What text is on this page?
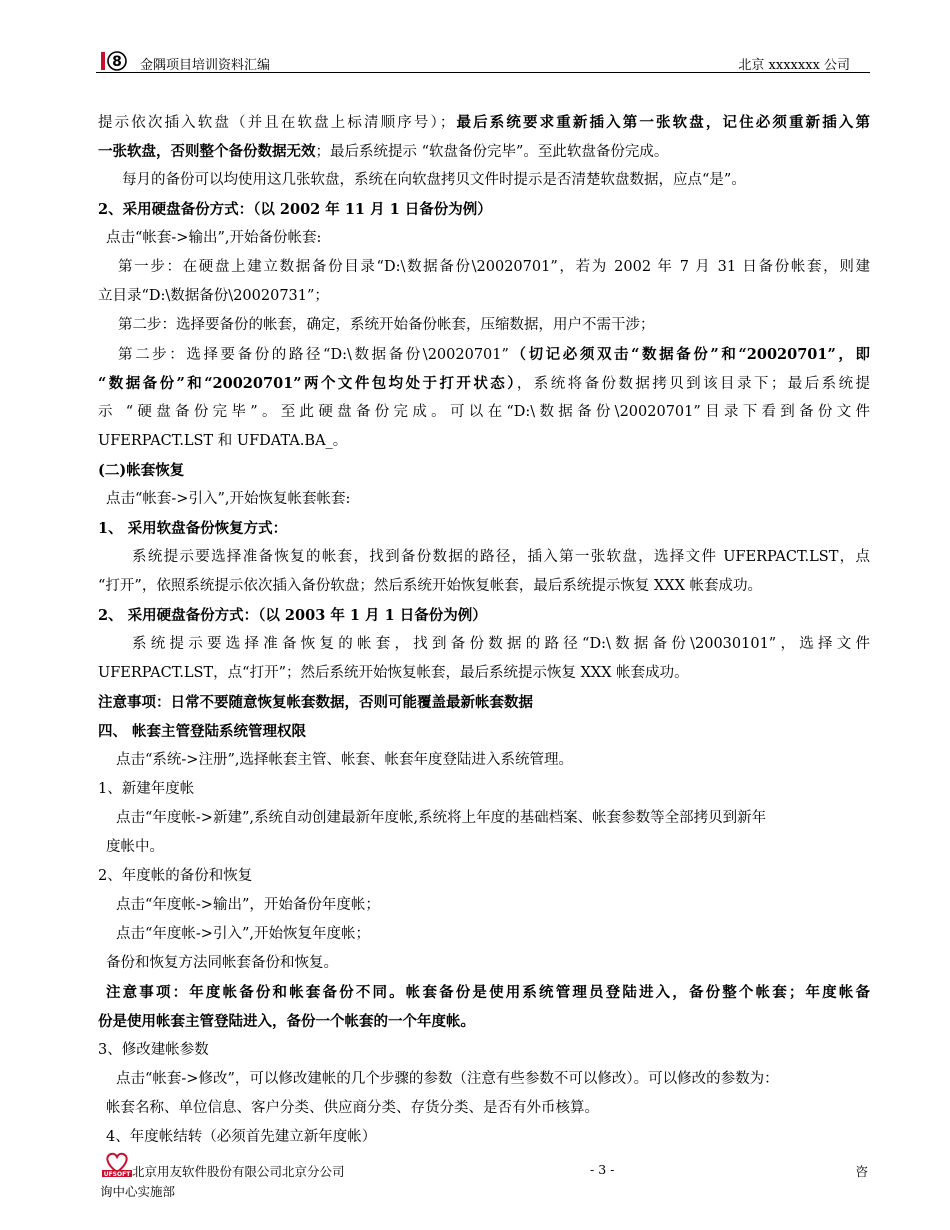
8 金隅项目培训资料汇编	北京 xxxxxxx 公司
提示依次插入软盘（并且在软盘上标清顺序号）；最后系统要求重新插入第一张软盘，记住必须重新插入第
一张软盘，否则整个备份数据无效；最后系统提示 “软盘备份完毕”。至此软盘备份完成。
每月的备份可以均使用这几张软盘，系统在向软盘拷贝文件时提示是否清楚软盘数据，应点“是”。
2、采用硬盘备份方式：（以 2002 年 11 月 1 日备份为例）
点击“帐套->输出”,开始备份帐套:
第一步：在硬盘上建立数据备份目录“D:\数据备份\20020701”，若为 2002 年 7 月 31 日备份帐套，则建
立目录“D:\数据备份\20020731”；
第二步：选择要备份的帐套，确定，系统开始备份帐套，压缩数据，用户不需干涉；
第二步：选择要备份的路径“D:\数据备份\20020701”（切记必须双击“数据备份”和“20020701”，即
“数据备份”和“20020701”两个文件包均处于打开状态），系统将备份数据拷贝到该目录下；最后系统提
示 “硬盘备份完毕”。至此硬盘备份完成。可以在“D:\数据备份\20020701”目录下看到备份文件
UFERPACT.LST 和 UFDATA.BA_。
(二)帐套恢复
点击“帐套->引入”,开始恢复帐套帐套:
1、 采用软盘备份恢复方式：
系统提示要选择准备恢复的帐套，找到备份数据的路径，插入第一张软盘，选择文件 UFERPACT.LST，点
“打开”，依照系统提示依次插入备份软盘；然后系统开始恢复帐套，最后系统提示恢复 XXX 帐套成功。
2、 采用硬盘备份方式：（以 2003 年 1 月 1 日备份为例）
系统提示要选择准备恢复的帐套，找到备份数据的路径“D:\数据备份\20030101”，选择文件
UFERPACT.LST，点“打开”；然后系统开始恢复帐套，最后系统提示恢复 XXX 帐套成功。
注意事项：日常不要随意恢复帐套数据，否则可能覆盖最新帐套数据
四、 帐套主管登陆系统管理权限
点击“系统->注册”,选择帐套主管、帐套、帐套年度登陆进入系统管理。
1、新建年度帐
点击“年度帐->新建”,系统自动创建最新年度帐,系统将上年度的基础档案、帐套参数等全部拷贝到新年
度帐中。
2、年度帐的备份和恢复
点击“年度帐->输出”，开始备份年度帐；
点击“年度帐->引入”,开始恢复年度帐；
备份和恢复方法同帐套备份和恢复。
注意事项：年度帐备份和帐套备份不同。帐套备份是使用系统管理员登陆进入，备份整个帐套；年度帐备
份是使用帐套主管登陆进入，备份一个帐套的一个年度帐。
3、修改建帐参数
点击“帐套->修改”，可以修改建帐的几个步骤的参数（注意有些参数不可以修改）。可以修改的参数为：
帐套名称、单位信息、客户分类、供应商分类、存货分类、是否有外币核算。
4、年度帐结转（必须首先建立新年度帐）
UFSOFT 北京用友软件股份有限公司北京分公司	- 3 -	咨
询中心实施部
